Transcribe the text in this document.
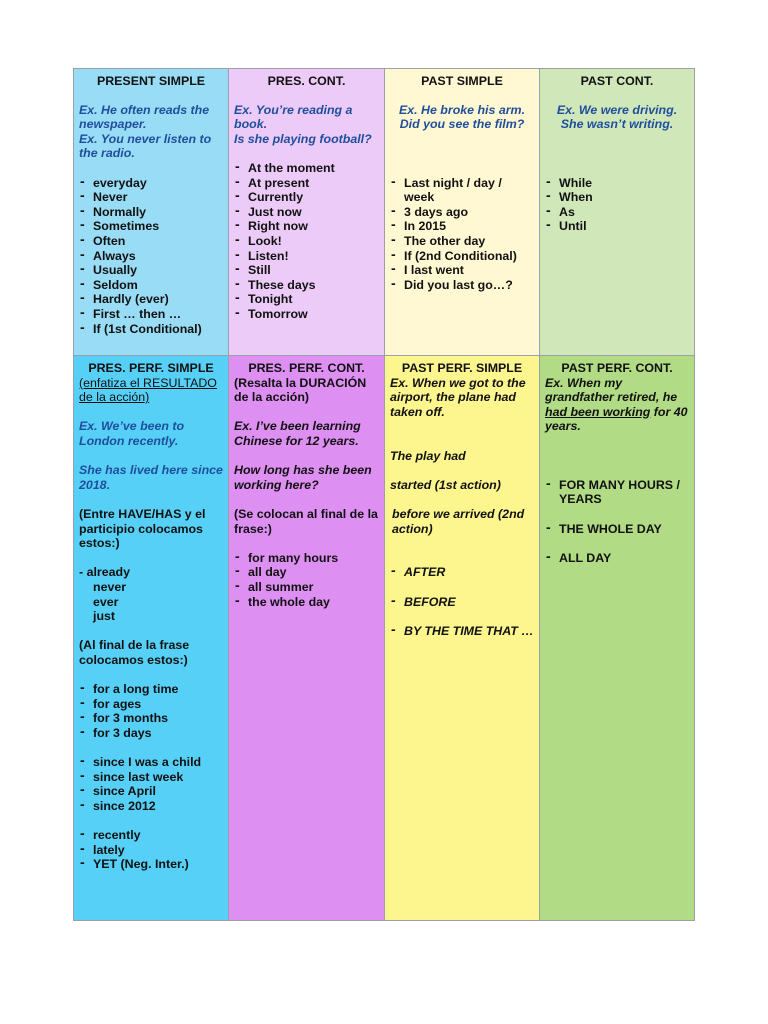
PRESENT SIMPLE

Ex. He often reads the newspaper.

Ex. You never listen to the radio.

- everyday
- Never
- Normally
- Sometimes
- Often
- Always
- Usually
- Seldom
- Hardly (ever)
- First … then …
- If (1st Conditional)
PRES. CONT.

Ex. You’re reading a book.

Is she playing football?

- At the moment
- At present
- Currently
- Just now
- Right now
- Look!
- Listen!
- Still
- These days
- Tonight
- Tomorrow
PAST SIMPLE

Ex. He broke his arm.

Did you see the film?

- Last night / day / week
- 3 days ago
- In 2015
- The other day
- If (2nd Conditional)
- I last went
- Did you last go…?
PAST CONT.

Ex. We were driving.

She wasn’t writing.

- While
- When
- As
- Until
PRES. PERF. SIMPLE

(enfatiza el RESULTADO de la acción)

Ex. We’ve been to London recently.

She has lived here since 2018.

(Entre HAVE/HAS y el participio colocamos estos:)

- already
never
ever
just

(Al final de la frase colocamos estos:)

- for a long time
- for ages
- for 3 months
- for 3 days
- since I was a child
- since last week
- since April
- since 2012
- recently
- lately
- YET (Neg. Inter.)
PRES. PERF. CONT.

(Resalta la DURACIÓN de la acción)

Ex. I’ve been learning Chinese for 12 years.

How long has she been working here?

(Se colocan al final de la frase:)

- for many hours
- all day
- all summer
- the whole day
PAST PERF. SIMPLE

Ex. When we got to the airport, the plane had taken off.

The play had

started (1st action)

before we arrived (2nd action)

- AFTER
- BEFORE
- BY THE TIME THAT …
PAST PERF. CONT.

Ex. When my grandfather retired, he had been working for 40 years.

- FOR MANY HOURS / YEARS
- THE WHOLE DAY
- ALL DAY
